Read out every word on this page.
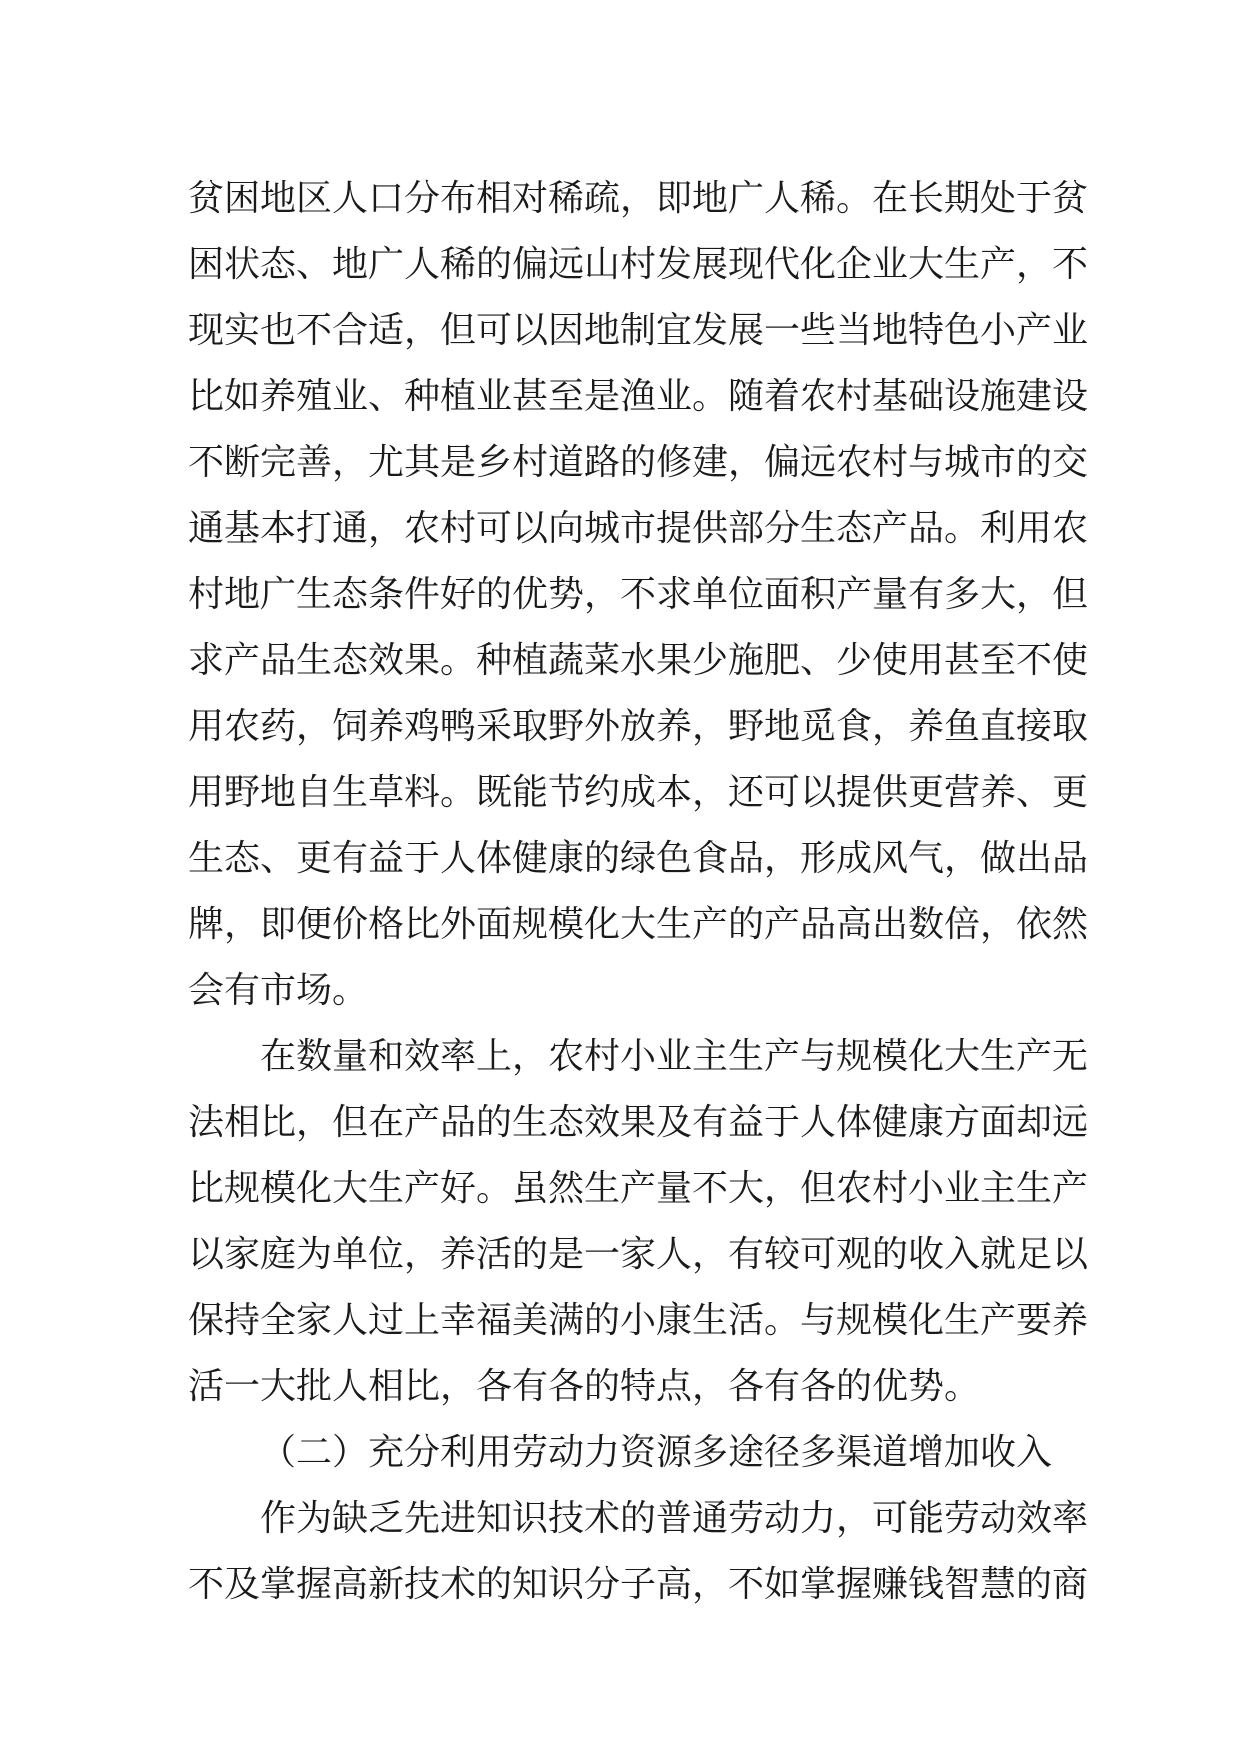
贫困地区人口分布相对稀疏，即地广人稀。在长期处于贫
困状态、地广人稀的偏远山村发展现代化企业大生产，不
现实也不合适，但可以因地制宜发展一些当地特色小产业
比如养殖业、种植业甚至是渔业。随着农村基础设施建设
不断完善，尤其是乡村道路的修建，偏远农村与城市的交
通基本打通，农村可以向城市提供部分生态产品。利用农
村地广生态条件好的优势，不求单位面积产量有多大，但
求产品生态效果。种植蔬菜水果少施肥、少使用甚至不使
用农药，饲养鸡鸭采取野外放养，野地觅食，养鱼直接取
用野地自生草料。既能节约成本，还可以提供更营养、更
生态、更有益于人体健康的绿色食品，形成风气，做出品
牌，即便价格比外面规模化大生产的产品高出数倍，依然
会有市场。
在数量和效率上，农村小业主生产与规模化大生产无
法相比，但在产品的生态效果及有益于人体健康方面却远
比规模化大生产好。虽然生产量不大，但农村小业主生产
以家庭为单位，养活的是一家人，有较可观的收入就足以
保持全家人过上幸福美满的小康生活。与规模化生产要养
活一大批人相比，各有各的特点，各有各的优势。
（二）充分利用劳动力资源多途径多渠道增加收入
作为缺乏先进知识技术的普通劳动力，可能劳动效率
不及掌握高新技术的知识分子高，不如掌握赚钱智慧的商
